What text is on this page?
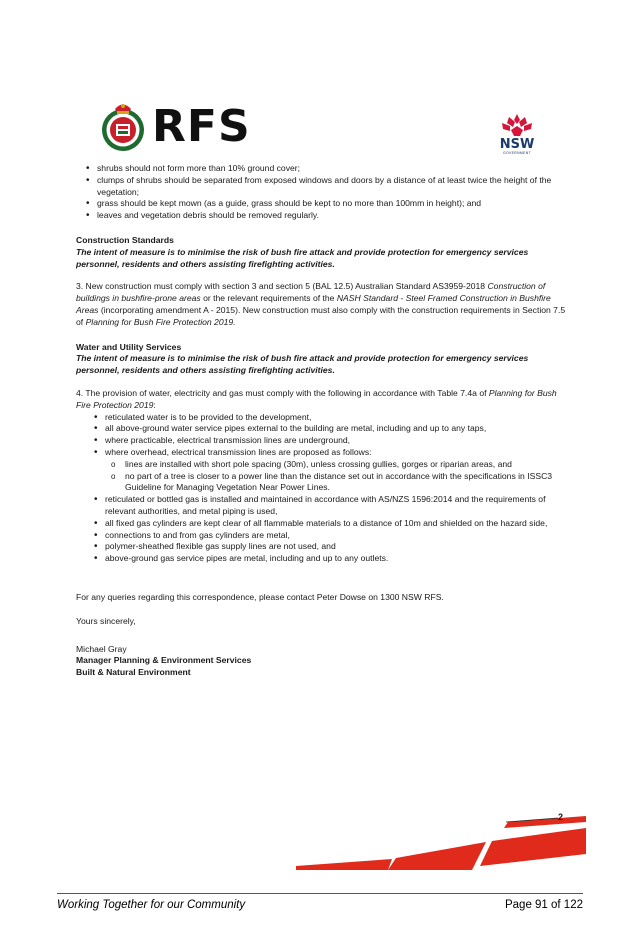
RFS	NSW
GOVERNMENT
• shrubs should not form more than 10% ground cover;
• clumps of shrubs should be separated from exposed windows and doors by a distance of at least twice the height of the vegetation;
• grass should be kept mown (as a guide, grass should be kept to no more than 100mm in height); and
• leaves and vegetation debris should be removed regularly.

Construction Standards

The intent of measure is to minimise the risk of bush fire attack and provide protection for emergency services personnel, residents and others assisting firefighting activities.

3. New construction must comply with section 3 and section 5 (BAL 12.5) Australian Standard AS3959-2018 Construction of buildings in bushfire-prone areas or the relevant requirements of the NASH Standard - Steel Framed Construction in Bushfire Areas (incorporating amendment A - 2015). New construction must also comply with the construction requirements in Section 7.5 of Planning for Bush Fire Protection 2019.

Water and Utility Services

The intent of measure is to minimise the risk of bush fire attack and provide protection for emergency services personnel, residents and others assisting firefighting activities.

4. The provision of water, electricity and gas must comply with the following in accordance with Table 7.4a of Planning for Bush Fire Protection 2019:

• reticulated water is to be provided to the development,
• all above-ground water service pipes external to the building are metal, including and up to any taps,
• where practicable, electrical transmission lines are underground,
• where overhead, electrical transmission lines are proposed as follows:
o lines are installed with short pole spacing (30m), unless crossing gullies, gorges or riparian areas, and
o no part of a tree is closer to a power line than the distance set out in accordance with the specifications in ISSC3 Guideline for Managing Vegetation Near Power Lines.
• reticulated or bottled gas is installed and maintained in accordance with AS/NZS 1596:2014 and the requirements of relevant authorities, and metal piping is used,
• all fixed gas cylinders are kept clear of all flammable materials to a distance of 10m and shielded on the hazard side,
• connections to and from gas cylinders are metal,
• polymer-sheathed flexible gas supply lines are not used, and
• above-ground gas service pipes are metal, including and up to any outlets.

For any queries regarding this correspondence, please contact Peter Dowse on 1300 NSW RFS.

Yours sincerely,

Michael Gray

Manager Planning & Environment Services

Built & Natural Environment

2
Working Together for our Community	Page 91 of 122
